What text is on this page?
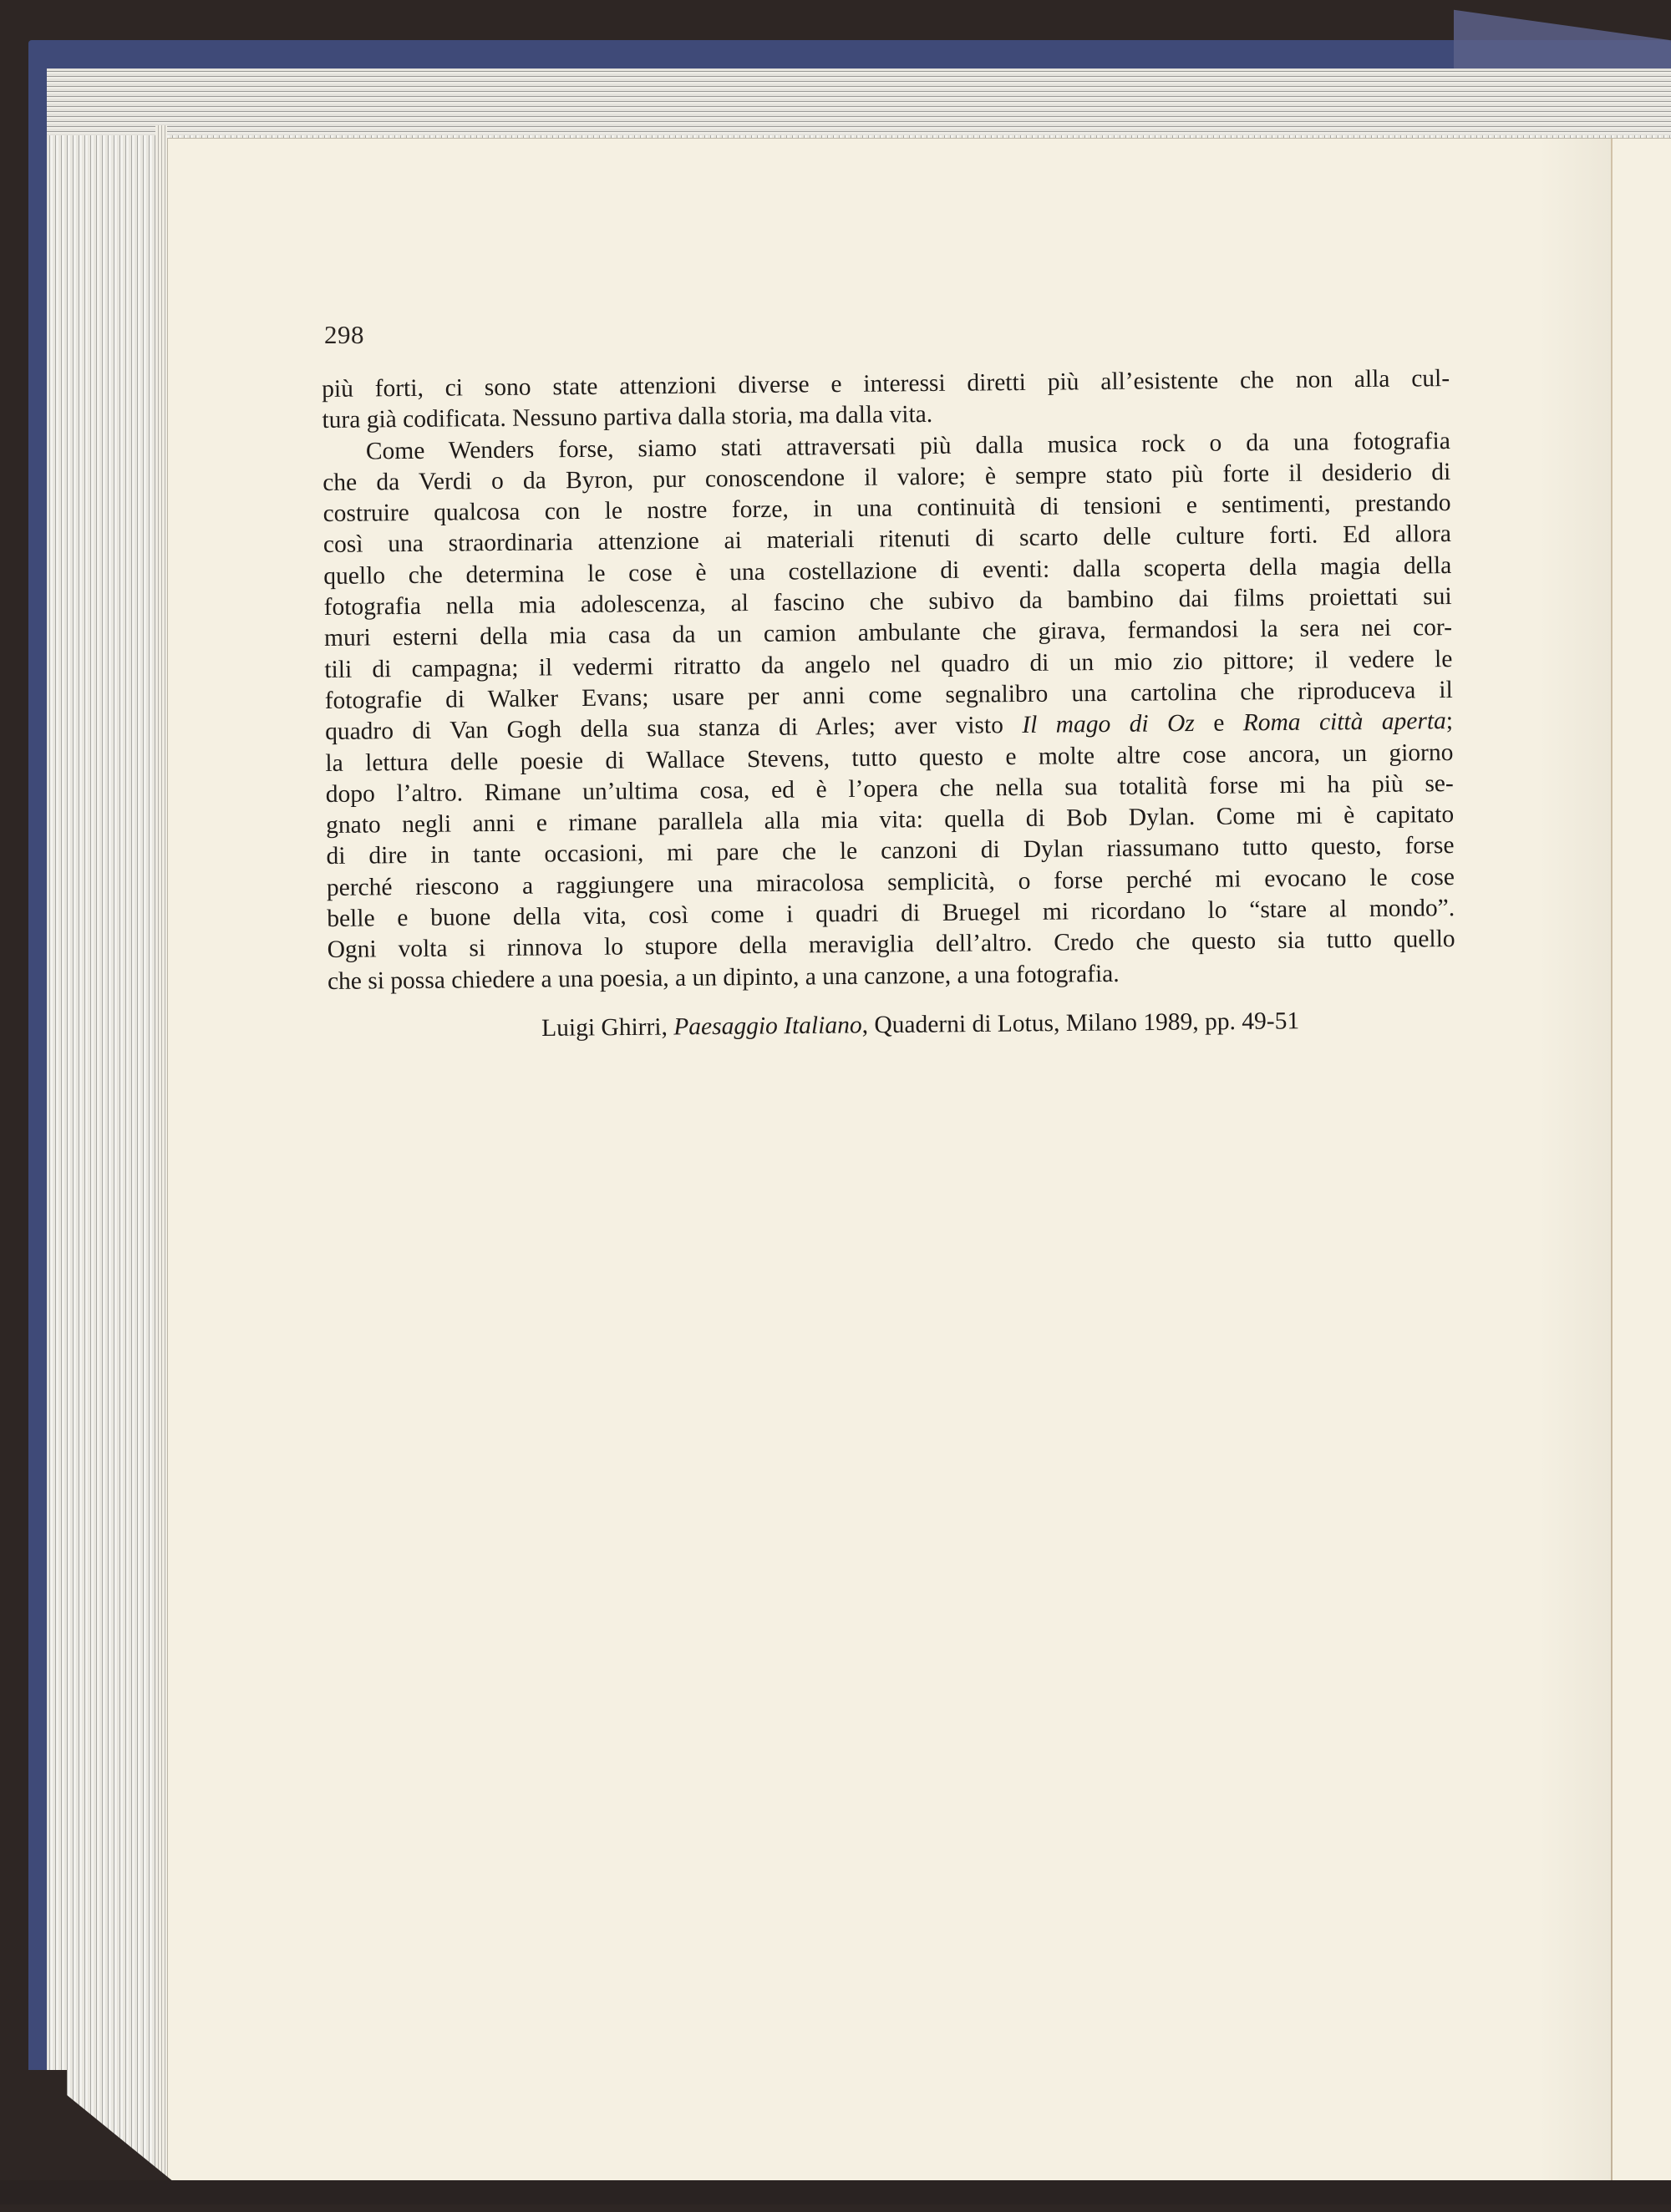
298
più forti, ci sono state attenzioni diverse e interessi diretti più all’esistente che non alla cul-
tura già codificata. Nessuno partiva dalla storia, ma dalla vita.
Come Wenders forse, siamo stati attraversati più dalla musica rock o da una fotografia
che da Verdi o da Byron, pur conoscendone il valore; è sempre stato più forte il desiderio di
costruire qualcosa con le nostre forze, in una continuità di tensioni e sentimenti, prestando
così una straordinaria attenzione ai materiali ritenuti di scarto delle culture forti. Ed allora
quello che determina le cose è una costellazione di eventi: dalla scoperta della magia della
fotografia nella mia adolescenza, al fascino che subivo da bambino dai films proiettati sui
muri esterni della mia casa da un camion ambulante che girava, fermandosi la sera nei cor-
tili di campagna; il vedermi ritratto da angelo nel quadro di un mio zio pittore; il vedere le
fotografie di Walker Evans; usare per anni come segnalibro una cartolina che riproduceva il
quadro di Van Gogh della sua stanza di Arles; aver visto Il mago di Oz e Roma città aperta;
la lettura delle poesie di Wallace Stevens, tutto questo e molte altre cose ancora, un giorno
dopo l’altro. Rimane un’ultima cosa, ed è l’opera che nella sua totalità forse mi ha più se-
gnato negli anni e rimane parallela alla mia vita: quella di Bob Dylan. Come mi è capitato
di dire in tante occasioni, mi pare che le canzoni di Dylan riassumano tutto questo, forse
perché riescono a raggiungere una miracolosa semplicità, o forse perché mi evocano le cose
belle e buone della vita, così come i quadri di Bruegel mi ricordano lo “stare al mondo”.
Ogni volta si rinnova lo stupore della meraviglia dell’altro. Credo che questo sia tutto quello
che si possa chiedere a una poesia, a un dipinto, a una canzone, a una fotografia.
Luigi Ghirri, Paesaggio Italiano, Quaderni di Lotus, Milano 1989, pp. 49-51
